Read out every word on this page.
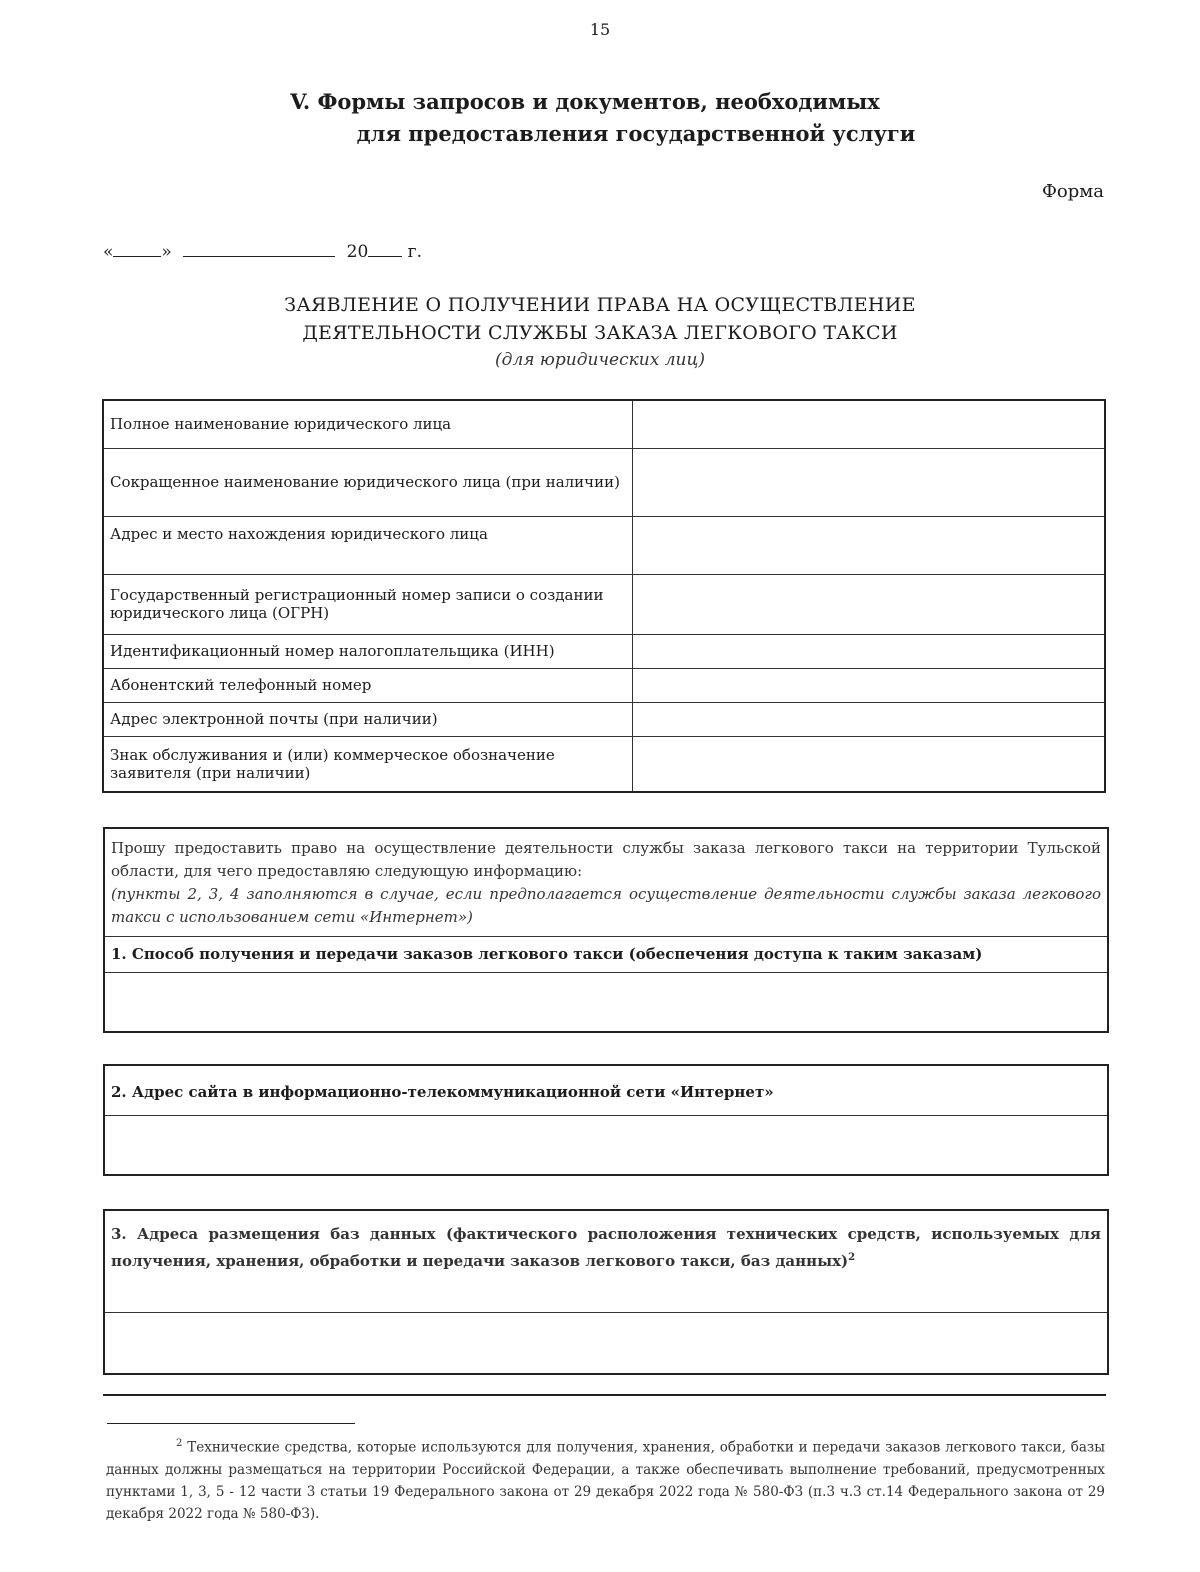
15
V. Формы запросов и документов, необходимых
для предоставления государственной услуги
Форма
«	»	20 г.
ЗАЯВЛЕНИЕ О ПОЛУЧЕНИИ ПРАВА НА ОСУЩЕСТВЛЕНИЕ
ДЕЯТЕЛЬНОСТИ СЛУЖБЫ ЗАКАЗА ЛЕГКОВОГО ТАКСИ
(для юридических лиц)
Полное наименование юридического лица	
Сокращенное наименование юридического лица (при наличии)	
Адрес и место нахождения юридического лица	
Государственный регистрационный номер записи о создании юридического лица (ОГРН)	
Идентификационный номер налогоплательщика (ИНН)	
Абонентский телефонный номер	
Адрес электронной почты (при наличии)	
Знак обслуживания и (или) коммерческое обозначение заявителя (при наличии)	
Прошу предоставить право на осуществление деятельности службы заказа легкового такси на территории Тульской области, для чего предоставляю следующую информацию:
(пункты 2, 3, 4 заполняются в случае, если предполагается осуществление деятельности службы заказа легкового такси с использованием сети «Интернет»)
1. Способ получения и передачи заказов легкового такси (обеспечения доступа к таким заказам)
2. Адрес сайта в информационно-телекоммуникационной сети «Интернет»
3. Адреса размещения баз данных (фактического расположения технических средств, используемых для получения, хранения, обработки и передачи заказов легкового такси, баз данных)$^2$
$^2$ Технические средства, которые используются для получения, хранения, обработки и передачи заказов легкового такси, базы данных должны размещаться на территории Российской Федерации, а также обеспечивать выполнение требований, предусмотренных пунктами 1, 3, 5 - 12 части 3 статьи 19 Федерального закона от 29 декабря 2022 года № 580-ФЗ (п.3 ч.3 ст.14 Федерального закона от 29 декабря 2022 года № 580-ФЗ).
